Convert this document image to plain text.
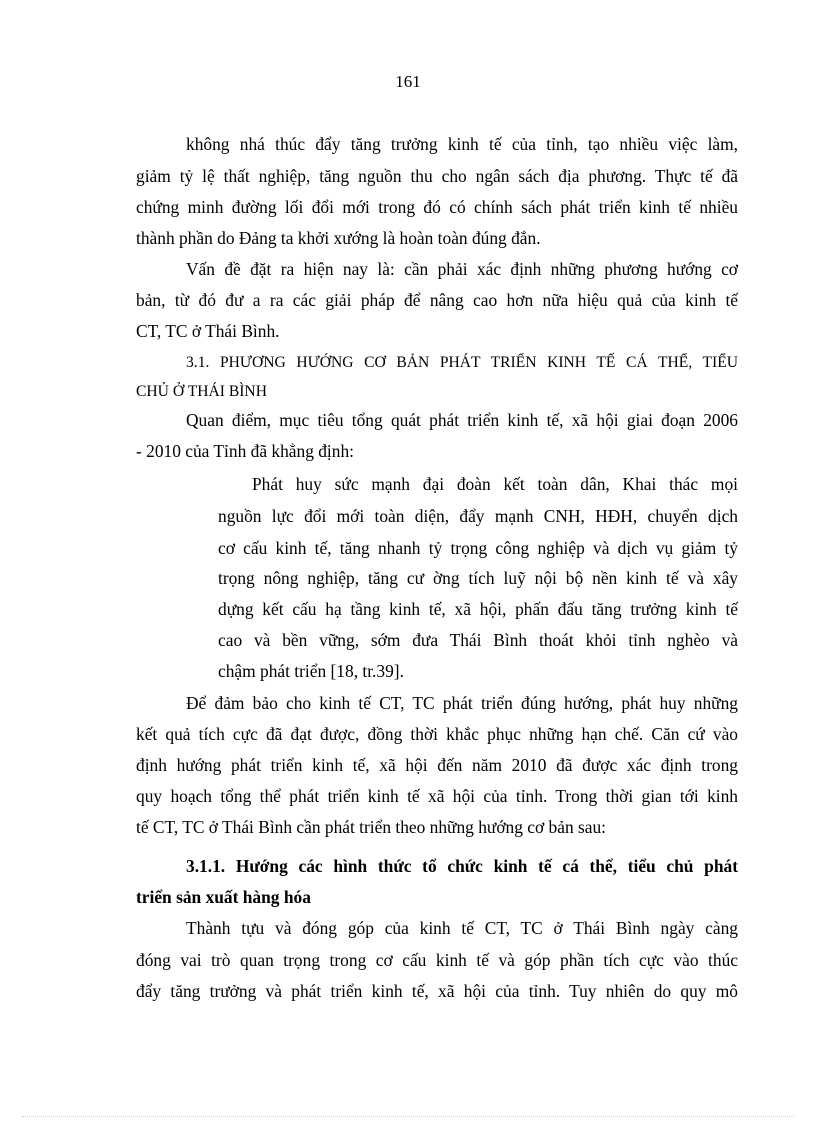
161
không nhá thúc đẩy tăng trưởng kinh tế của tỉnh, tạo nhiều việc làm,
giảm tỷ lệ thất nghiệp, tăng nguồn thu cho ngân sách địa phương. Thực tế đã
chứng minh đường lối đổi mới trong đó có chính sách phát triển kinh tế nhiều
thành phần do Đảng ta khởi xướng là hoàn toàn đúng đắn.
Vấn đề đặt ra hiện nay là: cần phải xác định những phương hướng cơ
bản, từ đó đư a ra các giải pháp để nâng cao hơn nữa hiệu quả của kinh tế
CT, TC ở Thái Bình.
3.1. PHƯƠNG HƯỚNG CƠ BẢN PHÁT TRIỂN KINH TẾ CÁ THỂ, TIỂU
CHỦ Ở THÁI BÌNH
Quan điểm, mục tiêu tổng quát phát triển kinh tế, xã hội giai đoạn 2006
- 2010 của Tỉnh đã khẳng định:
Phát huy sức mạnh đại đoàn kết toàn dân, Khai thác mọi
nguồn lực đổi mới toàn diện, đẩy mạnh CNH, HĐH, chuyển dịch
cơ cấu kinh tế, tăng nhanh tỷ trọng công nghiệp và dịch vụ giảm tỷ
trọng nông nghiệp, tăng cư ờng tích luỹ nội bộ nền kinh tế và xây
dựng kết cấu hạ tầng kinh tế, xã hội, phấn đấu tăng trưởng kinh tế
cao và bền vững, sớm đưa Thái Bình thoát khỏi tỉnh nghèo và
chậm phát triển [18, tr.39].
Để đảm bảo cho kinh tế CT, TC phát triển đúng hướng, phát huy những
kết quả tích cực đã đạt được, đồng thời khắc phục những hạn chế. Căn cứ vào
định hướng phát triển kinh tế, xã hội đến năm 2010 đã được xác định trong
quy hoạch tổng thể phát triển kinh tế xã hội của tỉnh. Trong thời gian tới kinh
tế CT, TC ở Thái Bình cần phát triển theo những hướng cơ bản sau:
3.1.1. Hướng các hình thức tổ chức kinh tế cá thể, tiểu chủ phát
triển sản xuất hàng hóa
Thành tựu và đóng góp của kinh tế CT, TC ở Thái Bình ngày càng
đóng vai trò quan trọng trong cơ cấu kinh tế và góp phần tích cực vào thúc
đẩy tăng trưởng và phát triển kinh tế, xã hội của tỉnh. Tuy nhiên do quy mô
